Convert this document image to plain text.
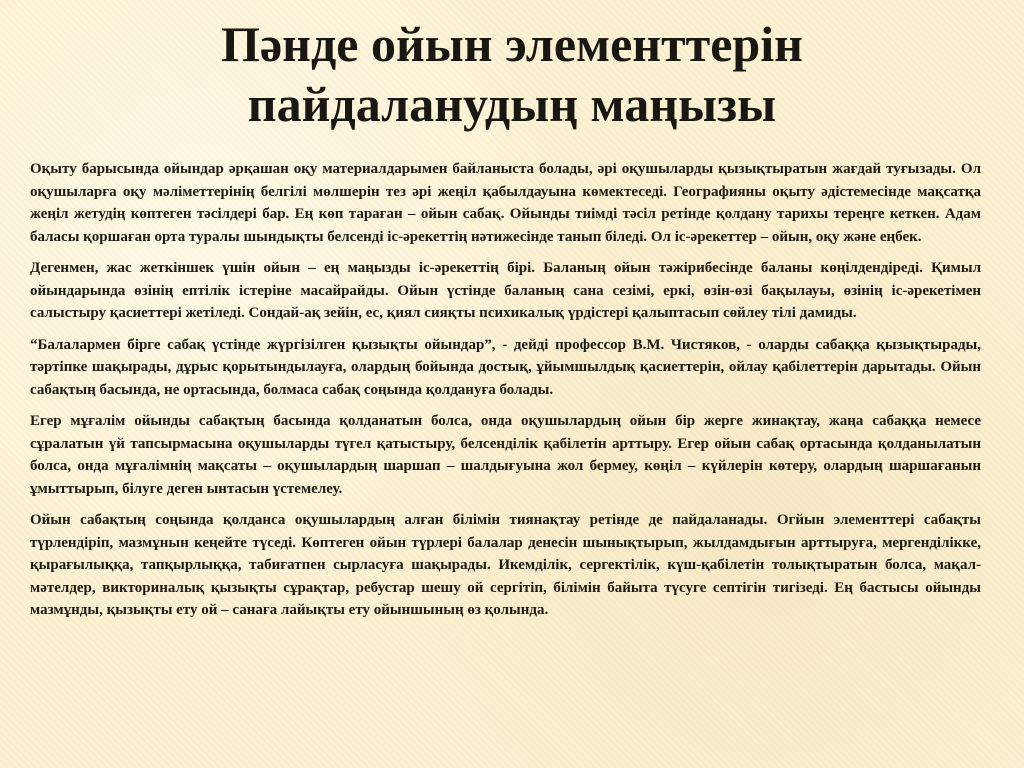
Пәнде ойын элементтерін
пайдаланудың маңызы

Оқыту барысында ойындар әрқашан оқу материалдарымен байланыста болады, әрі оқушыларды қызықтыратын жағдай туғызады. Ол оқушыларға оқу мәліметтерінің белгілі мөлшерін тез әрі жеңіл қабылдауына көмектеседі. Географияны оқыту әдістемесінде мақсатқа жеңіл жетудің көптеген тәсілдері бар. Ең көп тараған – ойын сабақ. Ойынды тиімді тәсіл ретінде қолдану тарихы тереңге кеткен. Адам баласы қоршаған орта туралы шындықты белсенді іс-әрекеттің нәтижесінде танып біледі. Ол іс-әрекеттер – ойын, оқу және еңбек.

Дегенмен, жас жеткіншек үшін ойын – ең маңызды іс-әрекеттің бірі. Баланың ойын тәжірибесінде баланы көңілдендіреді. Қимыл ойындарында өзінің ептілік істеріне масайрайды. Ойын үстінде баланың сана сезімі, еркі, өзін-өзі бақылауы, өзінің іс-әрекетімен салыстыру қасиеттері жетіледі. Сондай-ақ зейін, ес, қиял сияқты психикалық үрдістері қалыптасып сөйлеу тілі дамиды.

“Балалармен бірге сабақ үстінде жүргізілген қызықты ойындар”, - дейді профессор В.М. Чистяков, - оларды сабаққа қызықтырады, тәртіпке шақырады, дұрыс қорытындылауға, олардың бойында достық, ұйымшылдық қасиеттерін, ойлау қабілеттерін дарытады. Ойын сабақтың басында, не ортасында, болмаса сабақ соңында қолдануға болады.

Егер мұғалім ойынды сабақтың басында қолданатын болса, онда оқушылардың ойын бір жерге жинақтау, жаңа сабаққа немесе сұралатын үй тапсырмасына оқушыларды түгел қатыстыру, белсенділік қабілетін арттыру. Егер ойын сабақ ортасында қолданылатын болса, онда мұғалімнің мақсаты – оқушылардың шаршап – шалдығуына жол бермеу, көңіл – күйлерін көтеру, олардың шаршағанын ұмыттырып, білуге деген ынтасын үстемелеу.

Ойын сабақтың соңында қолданса оқушылардың алған білімін тиянақтау ретінде де пайдаланады. Огйын элементтері сабақты түрлендіріп, мазмұнын кеңейте түседі. Көптеген ойын түрлері балалар денесін шынықтырып, жылдамдығын арттыруға, мергенділікке, қырағылыққа, тапқырлыққа, табиғатпен сырласуға шақырады. Икемділік, сергектілік, күш-қабілетін толықтыратын болса, мақал-мәтелдер, викториналық қызықты сұрақтар, ребустар шешу ой сергітіп, білімін байыта түсуге септігін тигізеді. Ең бастысы ойынды мазмұнды, қызықты ету ой – санаға лайықты ету ойыншының өз қолында.
